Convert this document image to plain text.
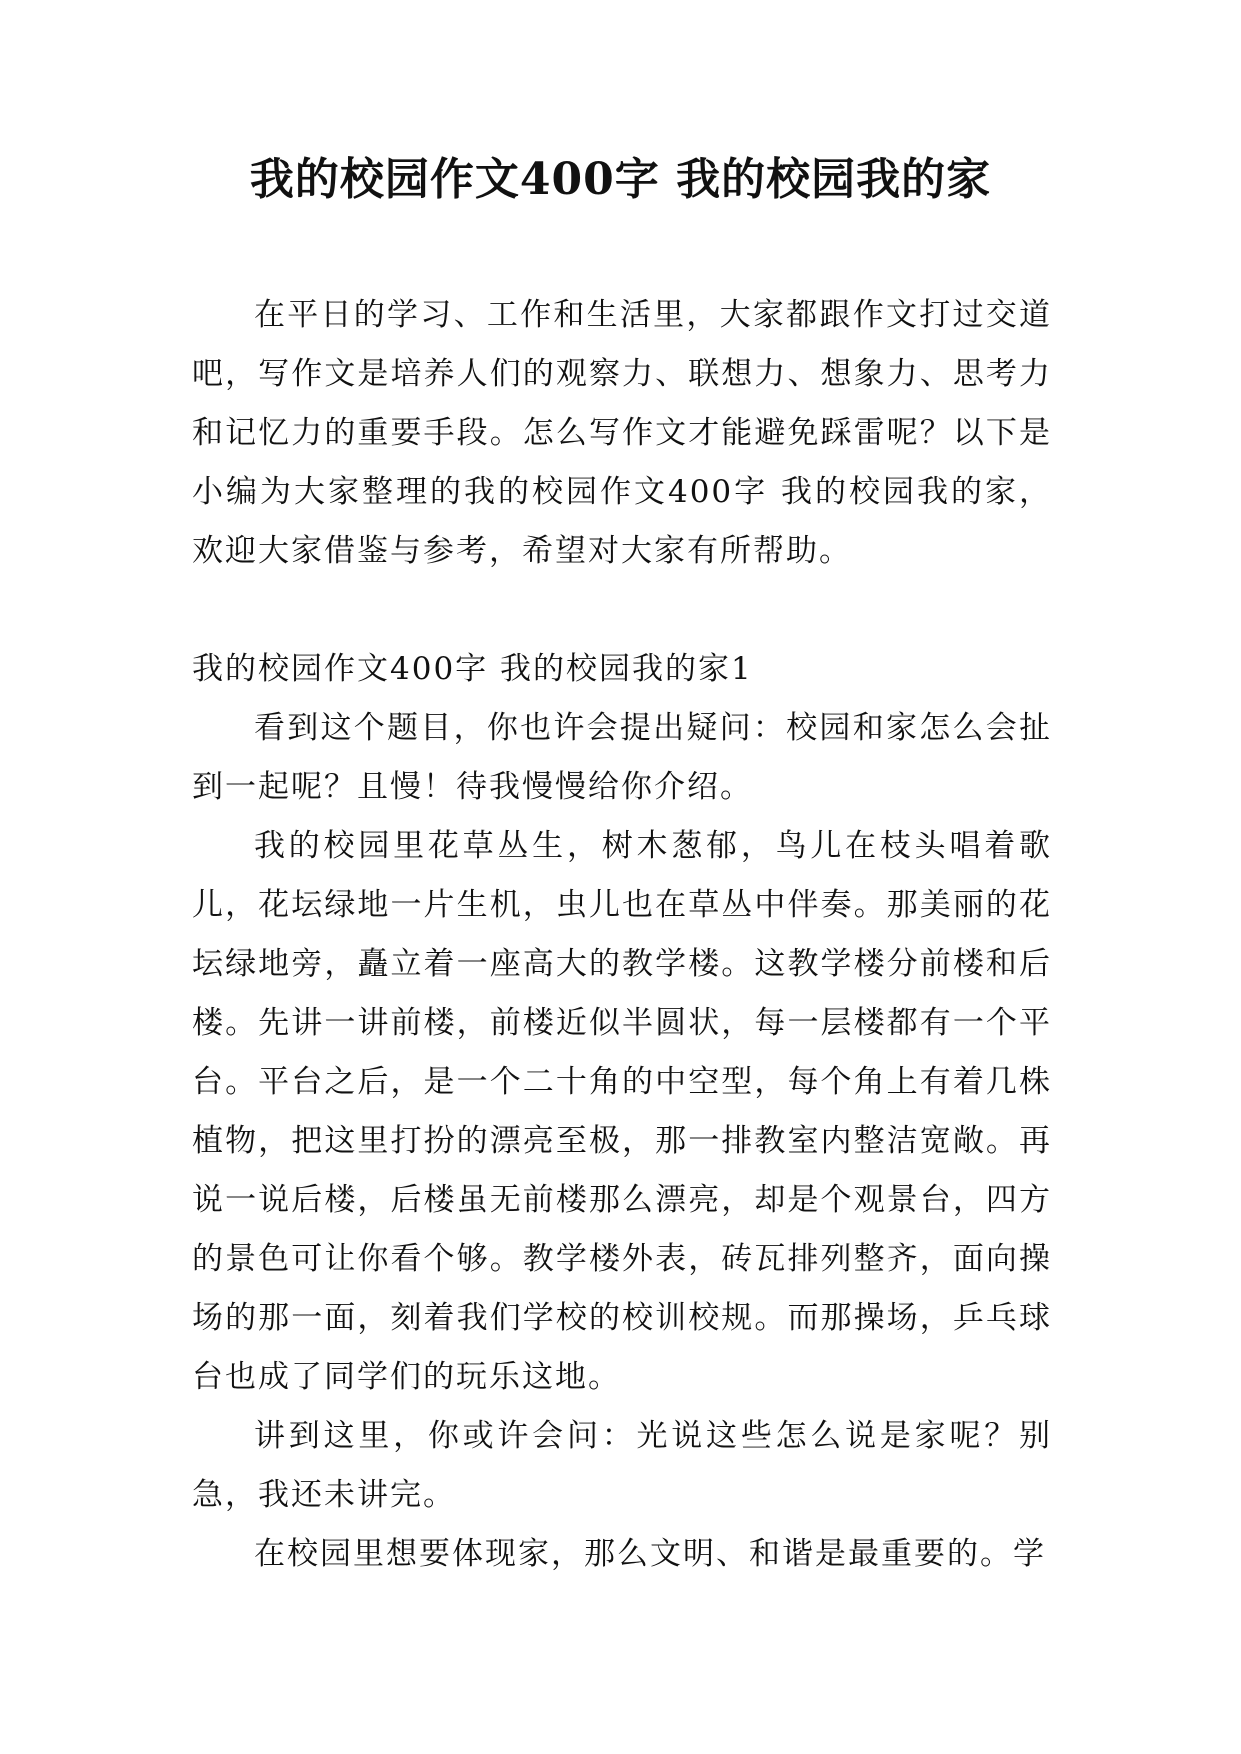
我的校园作文400字 我的校园我的家

在平日的学习、工作和生活里，大家都跟作文打过交道吧，写作文是培养人们的观察力、联想力、想象力、思考力和记忆力的重要手段。怎么写作文才能避免踩雷呢？以下是小编为大家整理的我的校园作文400字 我的校园我的家，欢迎大家借鉴与参考，希望对大家有所帮助。

我的校园作文400字 我的校园我的家1

看到这个题目，你也许会提出疑问：校园和家怎么会扯到一起呢？且慢！待我慢慢给你介绍。

我的校园里花草丛生，树木葱郁，鸟儿在枝头唱着歌儿，花坛绿地一片生机，虫儿也在草丛中伴奏。那美丽的花坛绿地旁，矗立着一座高大的教学楼。这教学楼分前楼和后楼。先讲一讲前楼，前楼近似半圆状，每一层楼都有一个平台。平台之后，是一个二十角的中空型，每个角上有着几株植物，把这里打扮的漂亮至极，那一排教室内整洁宽敞。再说一说后楼，后楼虽无前楼那么漂亮，却是个观景台，四方的景色可让你看个够。教学楼外表，砖瓦排列整齐，面向操场的那一面，刻着我们学校的校训校规。而那操场，乒乓球台也成了同学们的玩乐这地。

讲到这里，你或许会问：光说这些怎么说是家呢？别急，我还未讲完。

在校园里想要体现家，那么文明、和谐是最重要的。学
